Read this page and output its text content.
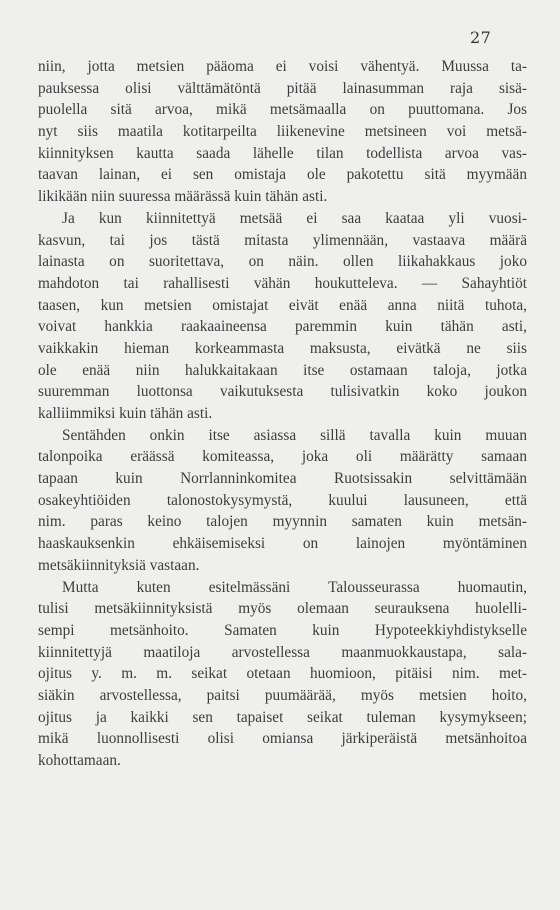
27
niin, jotta metsien pääoma ei voisi vähentyä. Muussa ta-
pauksessa olisi välttämätöntä pitää lainasumman raja sisä-
puolella sitä arvoa, mikä metsämaalla on puuttomana. Jos
nyt siis maatila kotitarpeilta liikenevine metsineen voi metsä-
kiinnityksen kautta saada lähelle tilan todellista arvoa vas-
taavan lainan, ei sen omistaja ole pakotettu sitä myymään
likikään niin suuressa määrässä kuin tähän asti.
Ja kun kiinnitettyä metsää ei saa kaataa yli vuosi-
kasvun, tai jos tästä mitasta ylimennään, vastaava määrä
lainasta on suoritettava, on näin. ollen liikahakkaus joko
mahdoton tai rahallisesti vähän houkutteleva. — Sahayhtiöt
taasen, kun metsien omistajat eivät enää anna niitä tuhota,
voivat hankkia raakaaineensa paremmin kuin tähän asti,
vaikkakin hieman korkeammasta maksusta, eivätkä ne siis
ole enää niin halukkaitakaan itse ostamaan taloja, jotka
suuremman luottonsa vaikutuksesta tulisivatkin koko joukon
kalliimmiksi kuin tähän asti.
Sentähden onkin itse asiassa sillä tavalla kuin muuan
talonpoika eräässä komiteassa, joka oli määrätty samaan
tapaan kuin Norrlanninkomitea Ruotsissakin selvittämään
osakeyhtiöiden talonostokysymystä, kuului lausuneen, että
nim. paras keino talojen myynnin samaten kuin metsän-
haaskauksenkin ehkäisemiseksi on lainojen myöntäminen
metsäkiinnityksiä vastaan.
Mutta kuten esitelmässäni Talousseurassa huomautin,
tulisi metsäkiinnityksistä myös olemaan seurauksena huolelli-
sempi metsänhoito. Samaten kuin Hypoteekkiyhdistykselle
kiinnitettyjä maatiloja arvostellessa maanmuokkaustapa, sala-
ojitus y. m. m. seikat otetaan huomioon, pitäisi nim. met-
siäkin arvostellessa, paitsi puumäärää, myös metsien hoito,
ojitus ja kaikki sen tapaiset seikat tuleman kysymykseen;
mikä luonnollisesti olisi omiansa järkiperäistä metsänhoitoa
kohottamaan.
